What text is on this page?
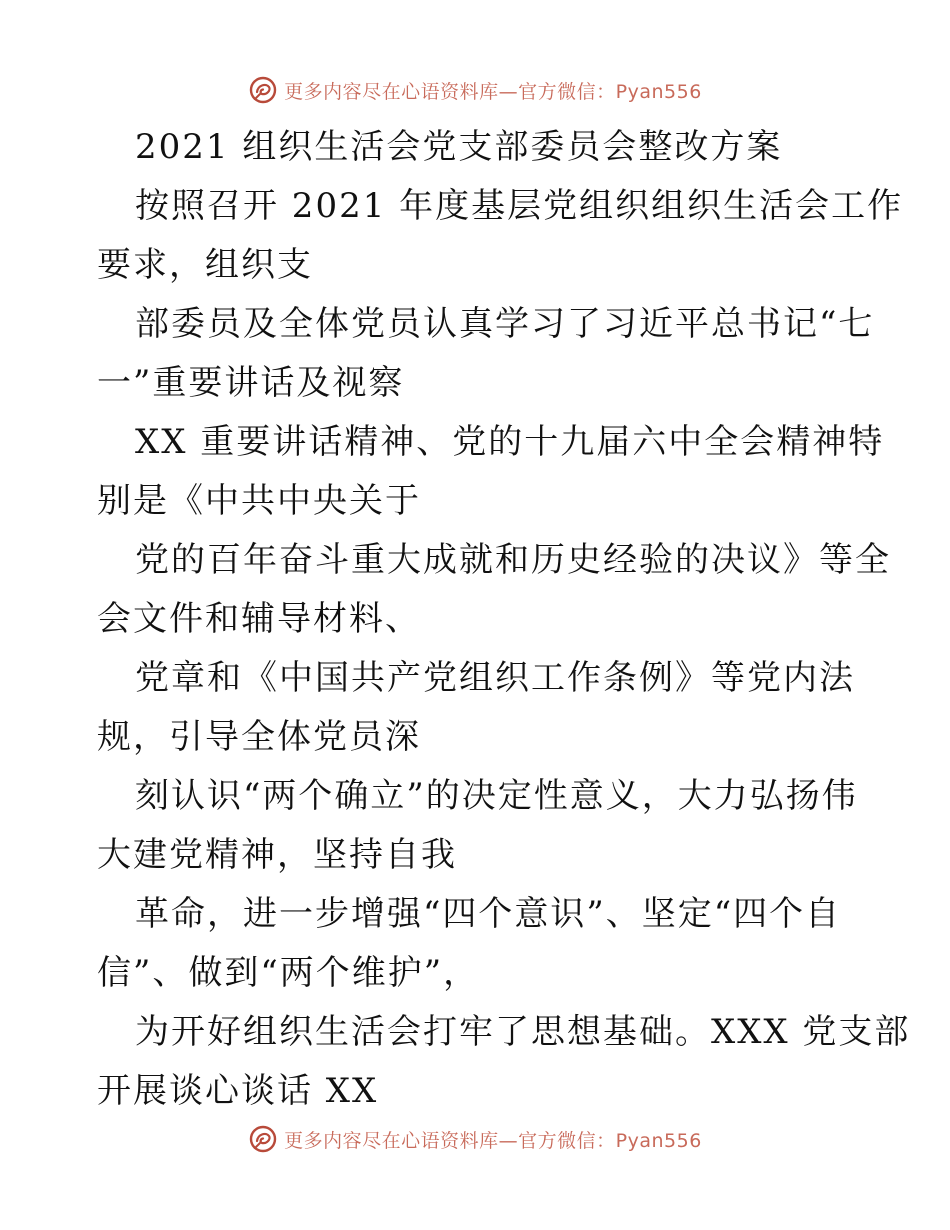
更多内容尽在心语资料库—官方微信：Pyan556
2021 组织生活会党支部委员会整改方案
按照召开 2021 年度基层党组织组织生活会工作
要求，组织支
部委员及全体党员认真学习了习近平总书记“七
一”重要讲话及视察
XX 重要讲话精神、党的十九届六中全会精神特
别是《中共中央关于
党的百年奋斗重大成就和历史经验的决议》等全
会文件和辅导材料、
党章和《中国共产党组织工作条例》等党内法
规，引导全体党员深
刻认识“两个确立”的决定性意义，大力弘扬伟
大建党精神，坚持自我
革命，进一步增强“四个意识”、坚定“四个自
信”、做到“两个维护”，
为开好组织生活会打牢了思想基础。XXX 党支部
开展谈心谈话 XX
更多内容尽在心语资料库—官方微信：Pyan556
